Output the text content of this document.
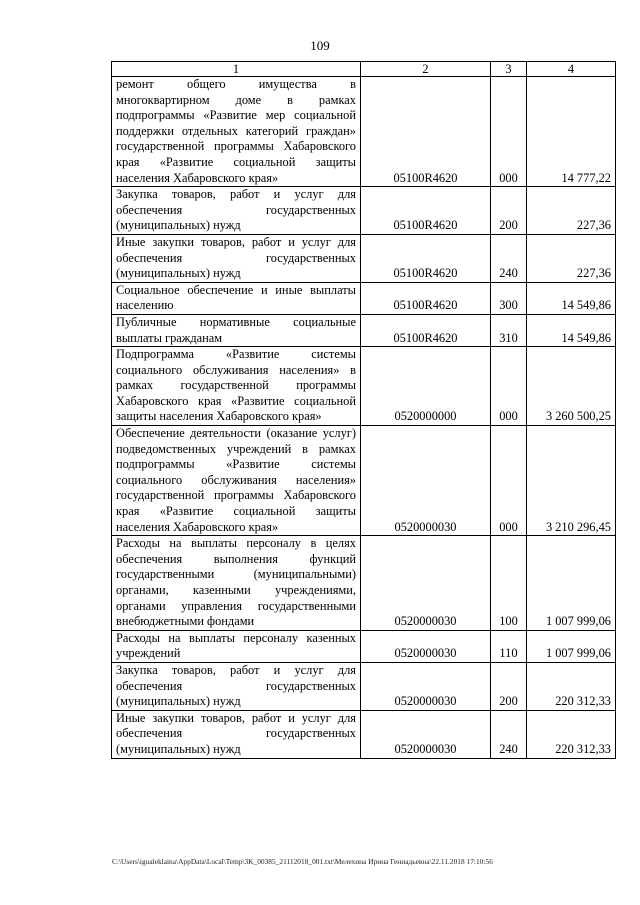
109
1	2	3	4
ремонт общего имущества в многоквартирном доме в рамках подпрограммы «Развитие мер социальной поддержки отдельных категорий граждан» государственной программы Хабаровского края «Развитие социальной защиты населения Хабаровского края»	05100R4620	000	14 777,22
Закупка товаров, работ и услуг для обеспечения государственных (муниципальных) нужд	05100R4620	200	227,36
Иные закупки товаров, работ и услуг для обеспечения государственных (муниципальных) нужд	05100R4620	240	227,36
Социальное обеспечение и иные выплаты населению	05100R4620	300	14 549,86
Публичные нормативные социальные выплаты гражданам	05100R4620	310	14 549,86
Подпрограмма «Развитие системы социального обслуживания населения» в рамках государственной программы Хабаровского края «Развитие социальной защиты населения Хабаровского края»	0520000000	000	3 260 500,25
Обеспечение деятельности (оказание услуг) подведомственных учреждений в рамках подпрограммы «Развитие системы социального обслуживания населения» государственной программы Хабаровского края «Развитие социальной защиты населения Хабаровского края»	0520000030	000	3 210 296,45
Расходы на выплаты персоналу в целях обеспечения выполнения функций государственными (муниципальными) органами, казенными учреждениями, органами управления государственными внебюджетными фондами	0520000030	100	1 007 999,06
Расходы на выплаты персоналу казенных учреждений	0520000030	110	1 007 999,06
Закупка товаров, работ и услуг для обеспечения государственных (муниципальных) нужд	0520000030	200	220 312,33
Иные закупки товаров, работ и услуг для обеспечения государственных (муниципальных) нужд	0520000030	240	220 312,33
C:\Users\igualeklaina\AppData\Local\Temp\3K_00385_21112018_001.txt\Мелехина Ирина Геннадьевна\22.11.2018 17:10:56
